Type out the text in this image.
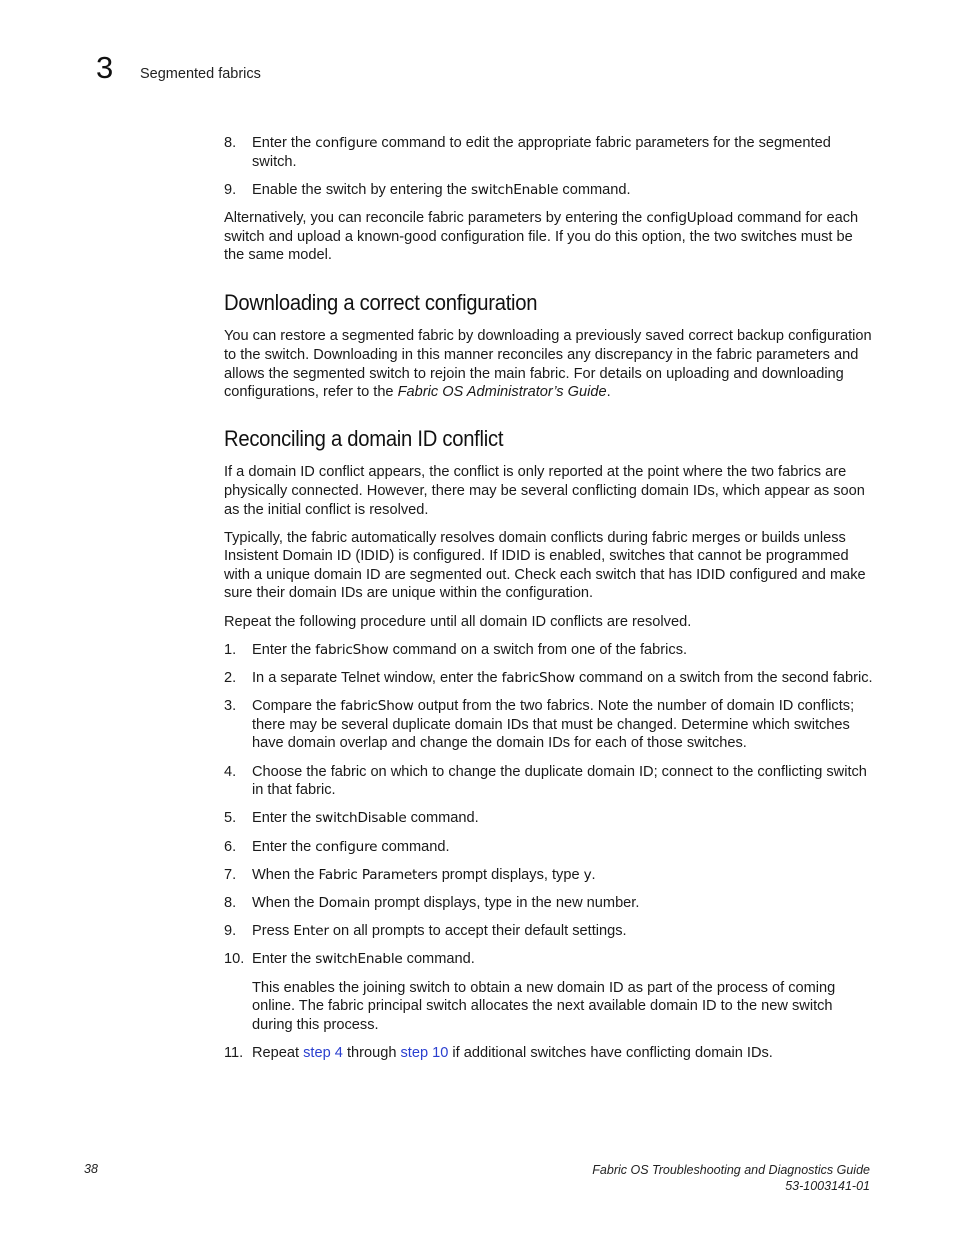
3 Segmented fabrics
8. Enter the configure command to edit the appropriate fabric parameters for the segmented switch.
9. Enable the switch by entering the switchEnable command.

Alternatively, you can reconcile fabric parameters by entering the configUpload command for each switch and upload a known-good configuration file. If you do this option, the two switches must be the same model.

Downloading a correct configuration

You can restore a segmented fabric by downloading a previously saved correct backup configuration to the switch. Downloading in this manner reconciles any discrepancy in the fabric parameters and allows the segmented switch to rejoin the main fabric. For details on uploading and downloading configurations, refer to the Fabric OS Administrator’s Guide.

Reconciling a domain ID conflict

If a domain ID conflict appears, the conflict is only reported at the point where the two fabrics are physically connected. However, there may be several conflicting domain IDs, which appear as soon as the initial conflict is resolved.

Typically, the fabric automatically resolves domain conflicts during fabric merges or builds unless Insistent Domain ID (IDID) is configured. If IDID is enabled, switches that cannot be programmed with a unique domain ID are segmented out. Check each switch that has IDID configured and make sure their domain IDs are unique within the configuration.

Repeat the following procedure until all domain ID conflicts are resolved.

1. Enter the fabricShow command on a switch from one of the fabrics.
2. In a separate Telnet window, enter the fabricShow command on a switch from the second fabric.
3. Compare the fabricShow output from the two fabrics. Note the number of domain ID conflicts; there may be several duplicate domain IDs that must be changed. Determine which switches have domain overlap and change the domain IDs for each of those switches.
4. Choose the fabric on which to change the duplicate domain ID; connect to the conflicting switch in that fabric.
5. Enter the switchDisable command.
6. Enter the configure command.
7. When the Fabric Parameters prompt displays, type y.
8. When the Domain prompt displays, type in the new number.
9. Press Enter on all prompts to accept their default settings.
10. Enter the switchEnable command.

This enables the joining switch to obtain a new domain ID as part of the process of coming online. The fabric principal switch allocates the next available domain ID to the new switch during this process.

11. Repeat step 4 through step 10 if additional switches have conflicting domain IDs.
38	Fabric OS Troubleshooting and Diagnostics Guide
53-1003141-01
